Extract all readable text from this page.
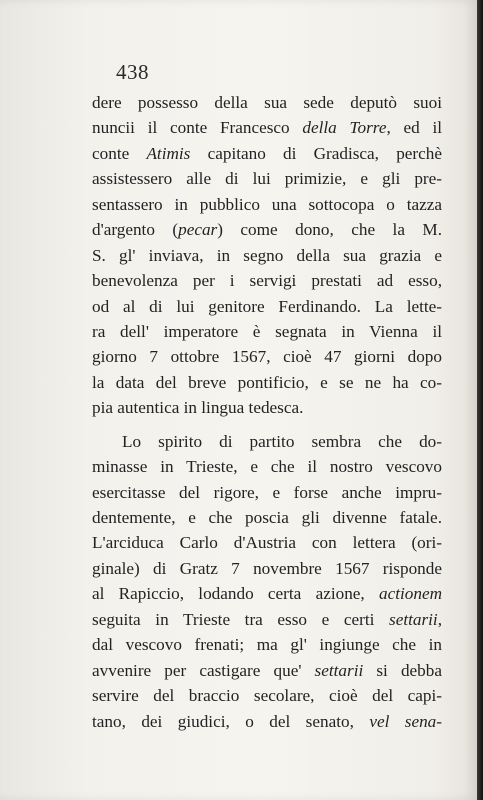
438
dere possesso della sua sede deputò suoi
nuncii il conte Francesco della Torre, ed il
conte Atimis capitano di Gradisca, perchè
assistessero alle di lui primizie, e gli pre-
sentassero in pubblico una sottocopa o tazza
d'argento (pecar) come dono, che la M.
S. gl' inviava, in segno della sua grazia e
benevolenza per i servigi prestati ad esso,
od al di lui genitore Ferdinando. La lette-
ra dell' imperatore è segnata in Vienna il
giorno 7 ottobre 1567, cioè 47 giorni dopo
la data del breve pontificio, e se ne ha co-
pia autentica in lingua tedesca.
Lo spirito di partito sembra che do-
minasse in Trieste, e che il nostro vescovo
esercitasse del rigore, e forse anche impru-
dentemente, e che poscia gli divenne fatale.
L'arciduca Carlo d'Austria con lettera (ori-
ginale) di Gratz 7 novembre 1567 risponde
al Rapiccio, lodando certa azione, actionem
seguita in Trieste tra esso e certi settarii,
dal vescovo frenati; ma gl' ingiunge che in
avvenire per castigare que' settarii si debba
servire del braccio secolare, cioè del capi-
tano, dei giudici, o del senato, vel sena-
